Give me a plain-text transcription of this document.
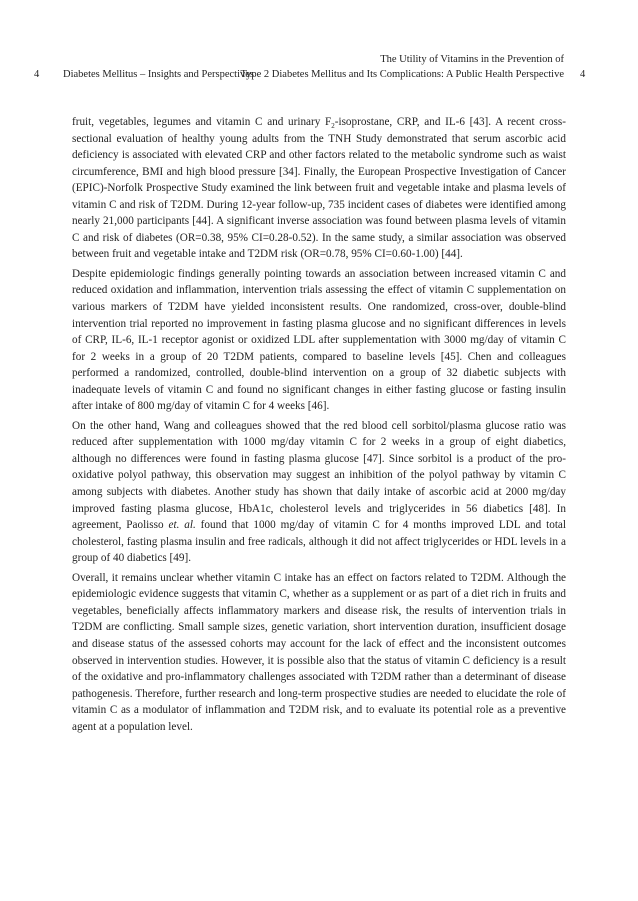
The Utility of Vitamins in the Prevention of
4 Diabetes Mellitus – Insights and Perspectives
Type 2 Diabetes Mellitus and Its Complications: A Public Health Perspective 4

fruit, vegetables, legumes and vitamin C and urinary $F_2$-isoprostane, CRP, and IL-6 [43]. A recent cross-sectional evaluation of healthy young adults from the TNH Study demonstrated that serum ascorbic acid deficiency is associated with elevated CRP and other factors related to the metabolic syndrome such as waist circumference, BMI and high blood pressure [34]. Finally, the European Prospective Investigation of Cancer (EPIC)-Norfolk Prospective Study examined the link between fruit and vegetable intake and plasma levels of vitamin C and risk of T2DM. During 12-year follow-up, 735 incident cases of diabetes were identified among nearly 21,000 participants [44]. A significant inverse association was found between plasma levels of vitamin C and risk of diabetes (OR=0.38, 95% CI=0.28-0.52). In the same study, a similar association was observed between fruit and vegetable intake and T2DM risk (OR=0.78, 95% CI=0.60-1.00) [44].

Despite epidemiologic findings generally pointing towards an association between increased vitamin C and reduced oxidation and inflammation, intervention trials assessing the effect of vitamin C supplementation on various markers of T2DM have yielded inconsistent results. One randomized, cross-over, double-blind intervention trial reported no improvement in fasting plasma glucose and no significant differences in levels of CRP, IL-6, IL-1 receptor agonist or oxidized LDL after supplementation with 3000 mg/day of vitamin C for 2 weeks in a group of 20 T2DM patients, compared to baseline levels [45]. Chen and colleagues performed a randomized, controlled, double-blind intervention on a group of 32 diabetic subjects with inadequate levels of vitamin C and found no significant changes in either fasting glucose or fasting insulin after intake of 800 mg/day of vitamin C for 4 weeks [46].

On the other hand, Wang and colleagues showed that the red blood cell sorbitol/plasma glucose ratio was reduced after supplementation with 1000 mg/day vitamin C for 2 weeks in a group of eight diabetics, although no differences were found in fasting plasma glucose [47]. Since sorbitol is a product of the pro-oxidative polyol pathway, this observation may suggest an inhibition of the polyol pathway by vitamin C among subjects with diabetes. Another study has shown that daily intake of ascorbic acid at 2000 mg/day improved fasting plasma glucose, HbA1c, cholesterol levels and triglycerides in 56 diabetics [48]. In agreement, Paolisso et. al. found that 1000 mg/day of vitamin C for 4 months improved LDL and total cholesterol, fasting plasma insulin and free radicals, although it did not affect triglycerides or HDL levels in a group of 40 diabetics [49].

Overall, it remains unclear whether vitamin C intake has an effect on factors related to T2DM. Although the epidemiologic evidence suggests that vitamin C, whether as a supplement or as part of a diet rich in fruits and vegetables, beneficially affects inflammatory markers and disease risk, the results of intervention trials in T2DM are conflicting. Small sample sizes, genetic variation, short intervention duration, insufficient dosage and disease status of the assessed cohorts may account for the lack of effect and the inconsistent outcomes observed in intervention studies. However, it is possible also that the status of vitamin C deficiency is a result of the oxidative and pro-inflammatory challenges associated with T2DM rather than a determinant of disease pathogenesis. Therefore, further research and long-term prospective studies are needed to elucidate the role of vitamin C as a modulator of inflammation and T2DM risk, and to evaluate its potential role as a preventive agent at a population level.
